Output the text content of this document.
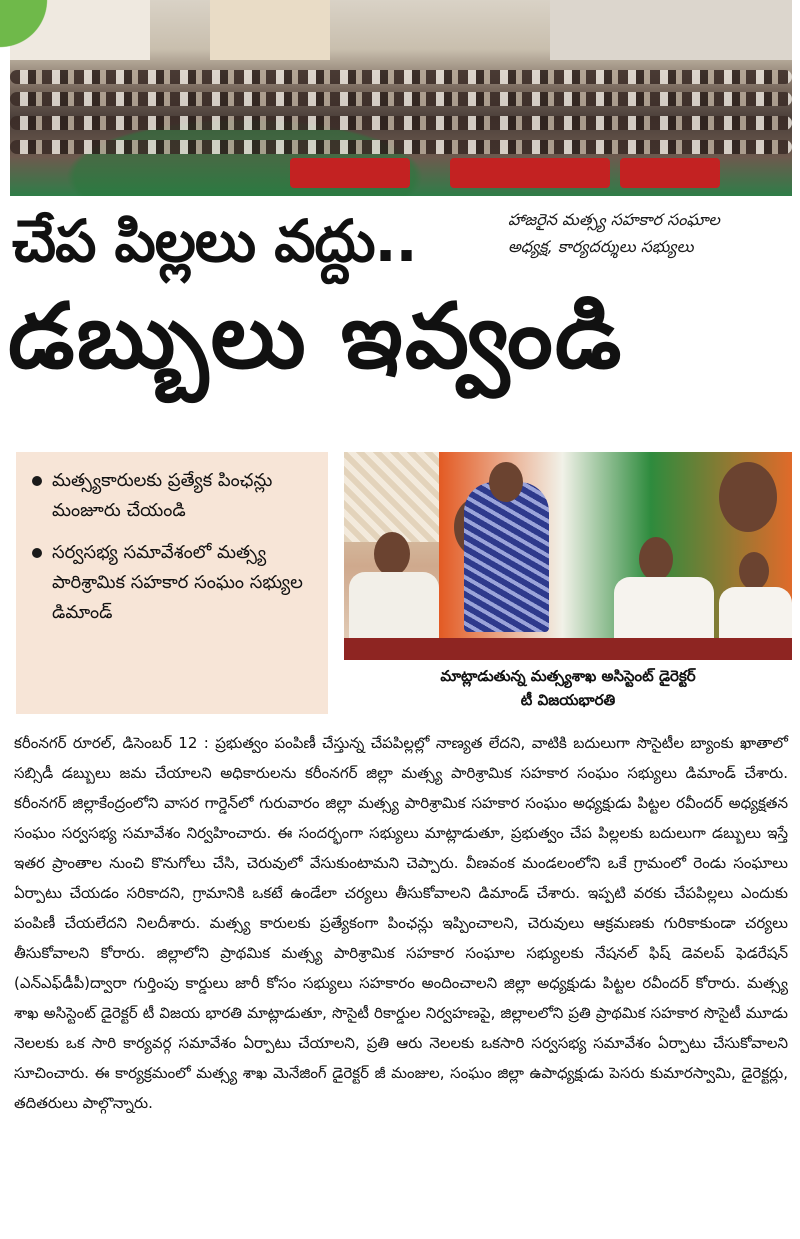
చేప పిల్లలు వద్దు..	హాజరైన మత్స్య సహకార సంఘాల
అధ్యక్ష, కార్యదర్శులు సభ్యులు
డబ్బులు ఇవ్వండి
మత్స్యకారులకు ప్రత్యేక పింఛన్లు మంజూరు చేయండి
సర్వసభ్య సమావేశంలో మత్స్య పారిశ్రామిక సహకార సంఘం సభ్యుల డిమాండ్
మాట్లాడుతున్న మత్స్యశాఖ అసిస్టెంట్ డైరెక్టర్
టీ విజయభారతి
కరీంనగర్ రూరల్, డిసెంబర్ 12 : ప్రభుత్వం పంపిణీ చేస్తున్న చేపపిల్లల్లో నాణ్యత లేదని, వాటికి బదులుగా సొసైటీల బ్యాంకు ఖాతాలో సబ్సిడీ డబ్బులు జమ చేయాలని అధికారులను కరీంనగర్ జిల్లా మత్స్య పారిశ్రామిక సహకార సంఘం సభ్యులు డిమాండ్ చేశారు. కరీంనగర్ జిల్లాకేంద్రంలోని వాసర గార్డెన్‌లో గురువారం జిల్లా మత్స్య పారిశ్రామిక సహకార సంఘం అధ్యక్షుడు పిట్టల రవీందర్ అధ్యక్షతన సంఘం సర్వసభ్య సమావేశం నిర్వహించారు. ఈ సందర్భంగా సభ్యులు మాట్లాడుతూ, ప్రభుత్వం చేప పిల్లలకు బదులుగా డబ్బులు ఇస్తే ఇతర ప్రాంతాల నుంచి కొనుగోలు చేసి, చెరువులో వేసుకుంటామని చెప్పారు. వీణవంక మండలంలోని ఒకే గ్రామంలో రెండు సంఘాలు ఏర్పాటు చేయడం సరికాదని, గ్రామానికి ఒకటే ఉండేలా చర్యలు తీసుకోవాలని డిమాండ్ చేశారు. ఇప్పటి వరకు చేపపిల్లలు ఎందుకు పంపిణీ చేయలేదని నిలదీశారు. మత్స్య కారులకు ప్రత్యేకంగా పింఛన్లు ఇప్పించాలని, చెరువులు ఆక్రమణకు గురికాకుండా చర్యలు తీసుకోవాలని కోరారు. జిల్లాలోని ప్రాథమిక మత్స్య పారిశ్రామిక సహకార సంఘాల సభ్యులకు నేషనల్ ఫిష్ డెవలప్ ఫెడరేషన్ (ఎన్ఎఫ్‌డీపీ)ద్వారా గుర్తింపు కార్డులు జారీ కోసం సభ్యులు సహకారం అందించాలని జిల్లా అధ్యక్షుడు పిట్టల రవీందర్ కోరారు. మత్స్య శాఖ అసిస్టెంట్ డైరెక్టర్ టీ విజయ భారతి మాట్లాడుతూ, సొసైటీ రికార్డుల నిర్వహణపై, జిల్లాలలోని ప్రతి ప్రాథమిక సహకార సొసైటీ మూడు నెలలకు ఒక సారి కార్యవర్గ సమావేశం ఏర్పాటు చేయాలని, ప్రతి ఆరు నెలలకు ఒకసారి సర్వసభ్య సమావేశం ఏర్పాటు చేసుకోవాలని సూచించారు. ఈ కార్యక్రమంలో మత్స్య శాఖ మెనేజింగ్ డైరెక్టర్ జీ మంజుల, సంఘం జిల్లా ఉపాధ్యక్షుడు పెసరు కుమారస్వామి, డైరెక్టర్లు, తదితరులు పాల్గొన్నారు.
